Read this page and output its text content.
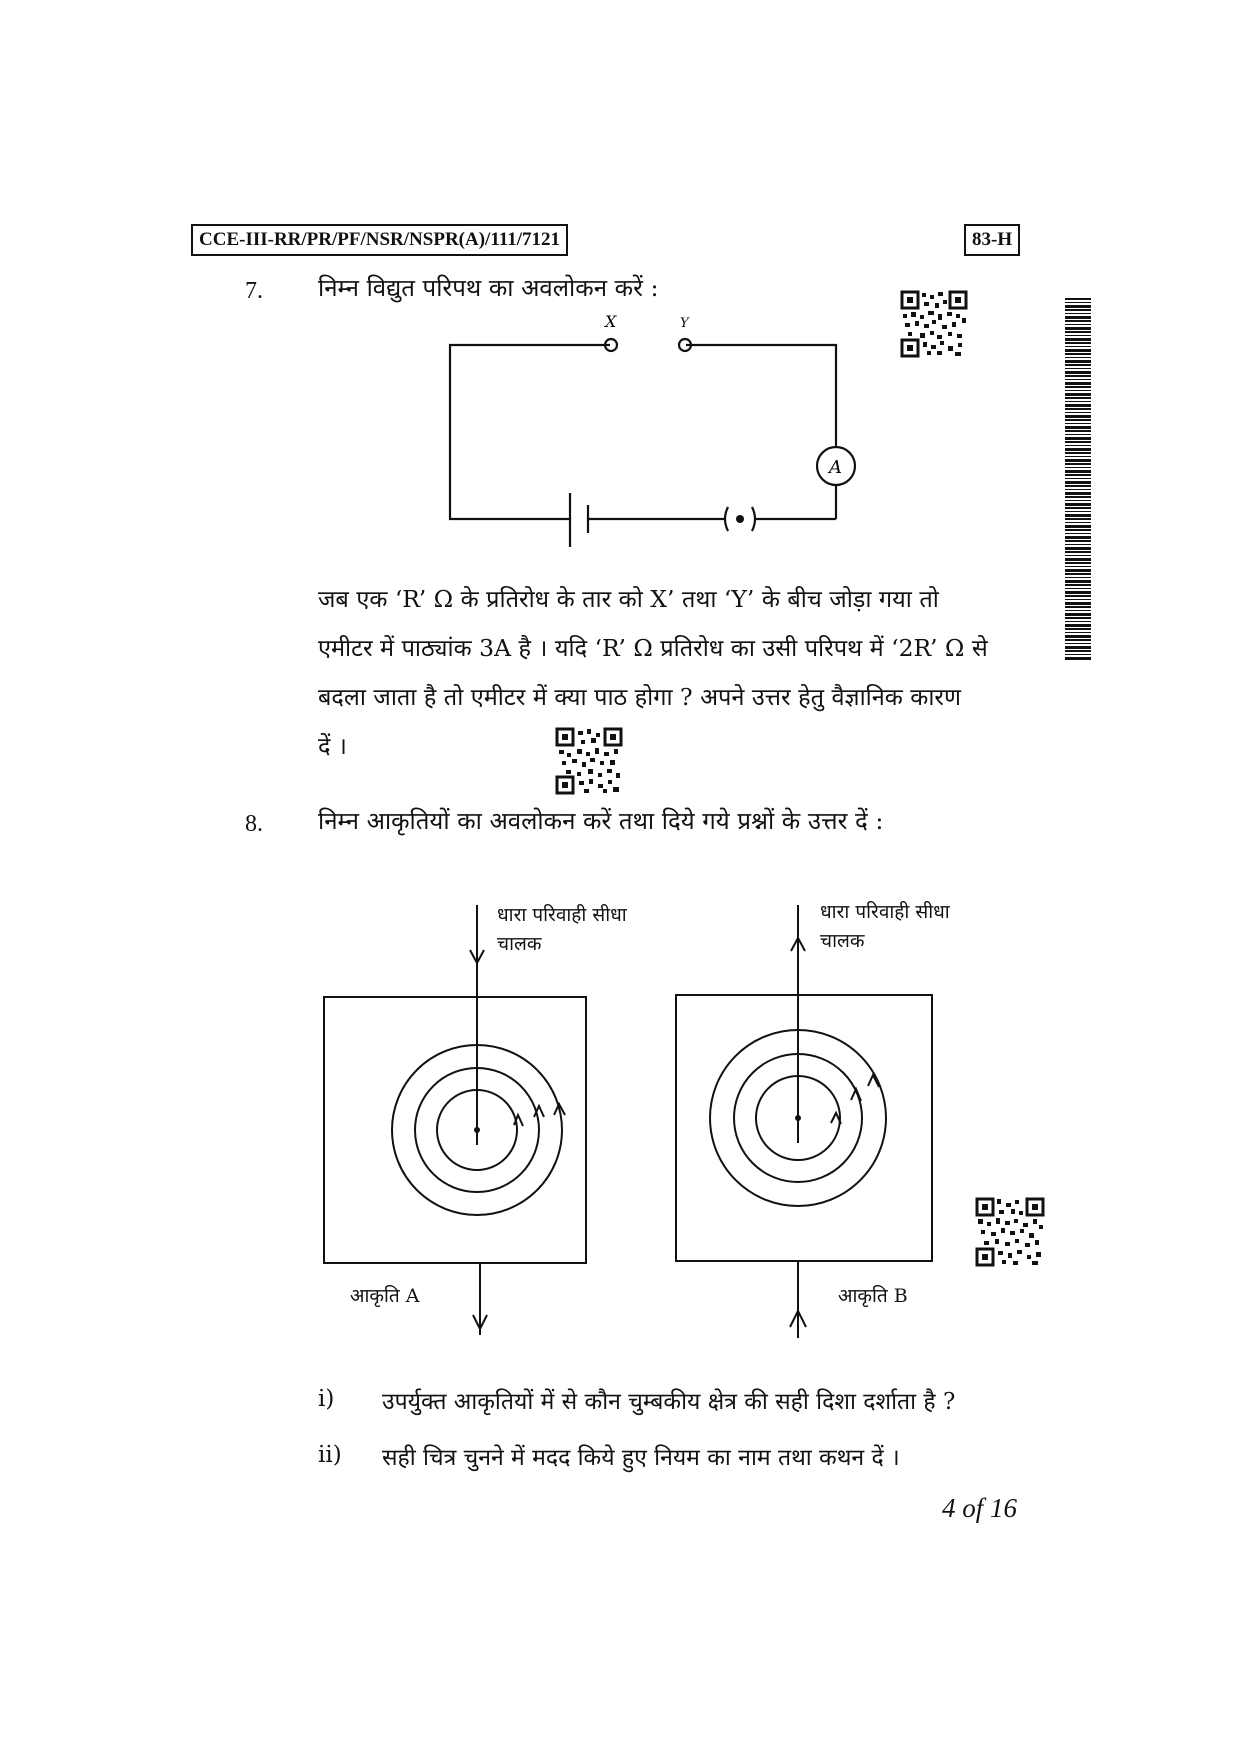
CCE-III-RR/PR/PF/NSR/NSPR(A)/111/7121	83-H
7. निम्न विद्युत परिपथ का अवलोकन करें :
X	Y
A
जब एक ‘R’ Ω के प्रतिरोध के तार को X’ तथा ‘Y’ के बीच जोड़ा गया तो
एमीटर में पाठ्यांक 3A है । यदि ‘R’ Ω प्रतिरोध का उसी परिपथ में ‘2R’ Ω से
बदला जाता है तो एमीटर में क्या पाठ होगा ? अपने उत्तर हेतु वैज्ञानिक कारण
दें ।
8. निम्न आकृतियों का अवलोकन करें तथा दिये गये प्रश्नों के उत्तर दें :
धारा परिवाही सीधा
चालक
आकृति A
धारा परिवाही सीधा
चालक
आकृति B
i) उपर्युक्त आकृतियों में से कौन चुम्बकीय क्षेत्र की सही दिशा दर्शाता है ?
ii) सही चित्र चुनने में मदद किये हुए नियम का नाम तथा कथन दें ।
4 of 16
